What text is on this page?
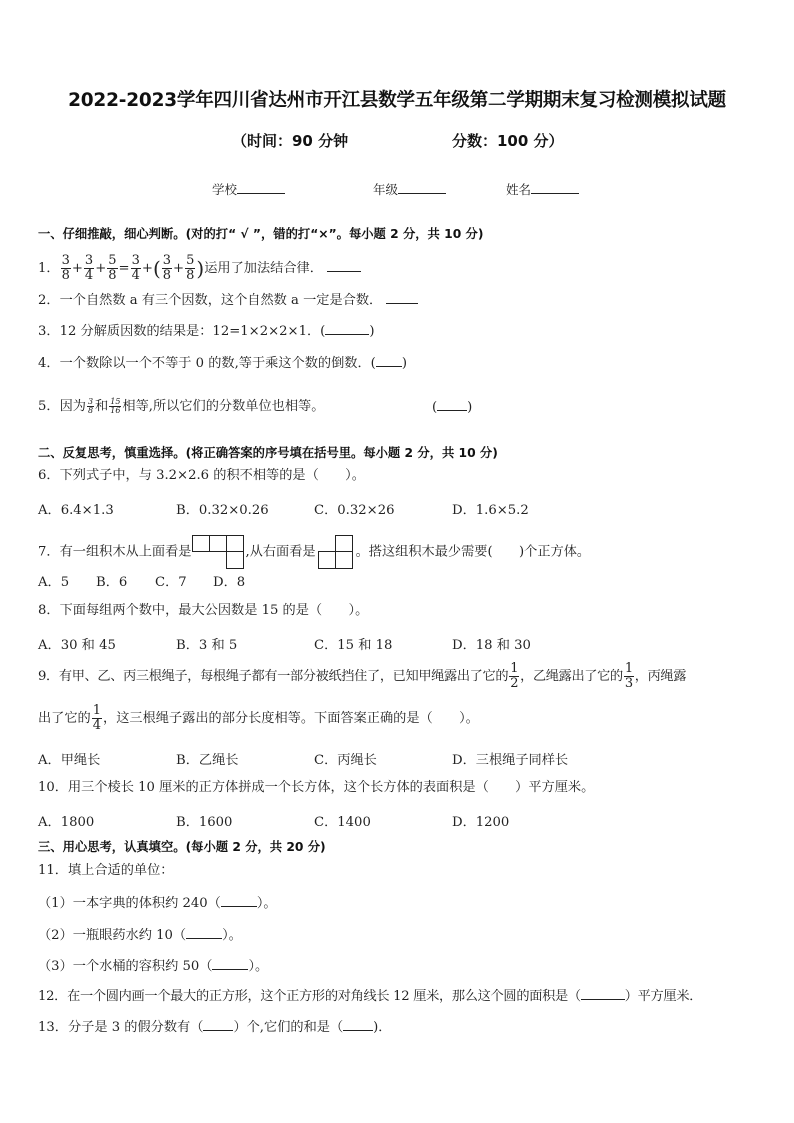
2022-2023学年四川省达州市开江县数学五年级第二学期期末复习检测模拟试题
（时间：90 分钟	分数：100 分）
学校	年级	姓名
一、仔细推敲，细心判断。(对的打“ √ ”，错的打“×”。每小题 2 分，共 10 分)
1． $\frac{3}{8} + \frac{3}{4} + \frac{5}{8} = \frac{3}{4}$ +( $\frac{3}{8} + \frac{5}{8}$ )运用了加法结合律．
2．一个自然数 a 有三个因数，这个自然数 a 一定是合数．
3．12 分解质因数的结果是：12=1×2×2×1．(	)
4．一个数除以一个不等于 0 的数,等于乘这个数的倒数．( )
5．因为 $\frac{3}{8}$ 和 $\frac{15}{16}$ 相等,所以它们的分数单位也相等。	( )
二、反复思考，慎重选择。(将正确答案的序号填在括号里。每小题 2 分，共 10 分)
6．下列式子中，与 3.2×2.6 的积不相等的是（　　）。
A．6.4×1.3	B．0.32×0.26	C．0.32×26	D．1.6×5.2
7．有一组积木从上面看是	,从右面看是	。搭这组积木最少需要(　　)个正方体。
A．5 B．6 C．7 D．8
8．下面每组两个数中，最大公因数是 15 的是（　　）。
A．30 和 45	B．3 和 5	C．15 和 18	D．18 和 30
9．有甲、乙、丙三根绳子，每根绳子都有一部分被纸挡住了，已知甲绳露出了它的 $\frac{1}{2}$ ，乙绳露出了它的 $\frac{1}{3}$ ，丙绳露
出了它的 $\frac{1}{4}$ ，这三根绳子露出的部分长度相等。下面答案正确的是（　　）。
A．甲绳长	B．乙绳长	C．丙绳长	D．三根绳子同样长
10．用三个棱长 10 厘米的正方体拼成一个长方体，这个长方体的表面积是（　　）平方厘米。
A．1800	B．1600	C．1400	D．1200
三、用心思考，认真填空。(每小题 2 分，共 20 分)
11．填上合适的单位：
（1）一本字典的体积约 240（	）。
（2）一瓶眼药水约 10（	）。
（3）一个水桶的容积约 50（	）。
12．在一个圆内画一个最大的正方形，这个正方形的对角线长 12 厘米，那么这个圆的面积是（	）平方厘米．
13．分子是 3 的假分数有（ ）个,它们的和是（ )．
